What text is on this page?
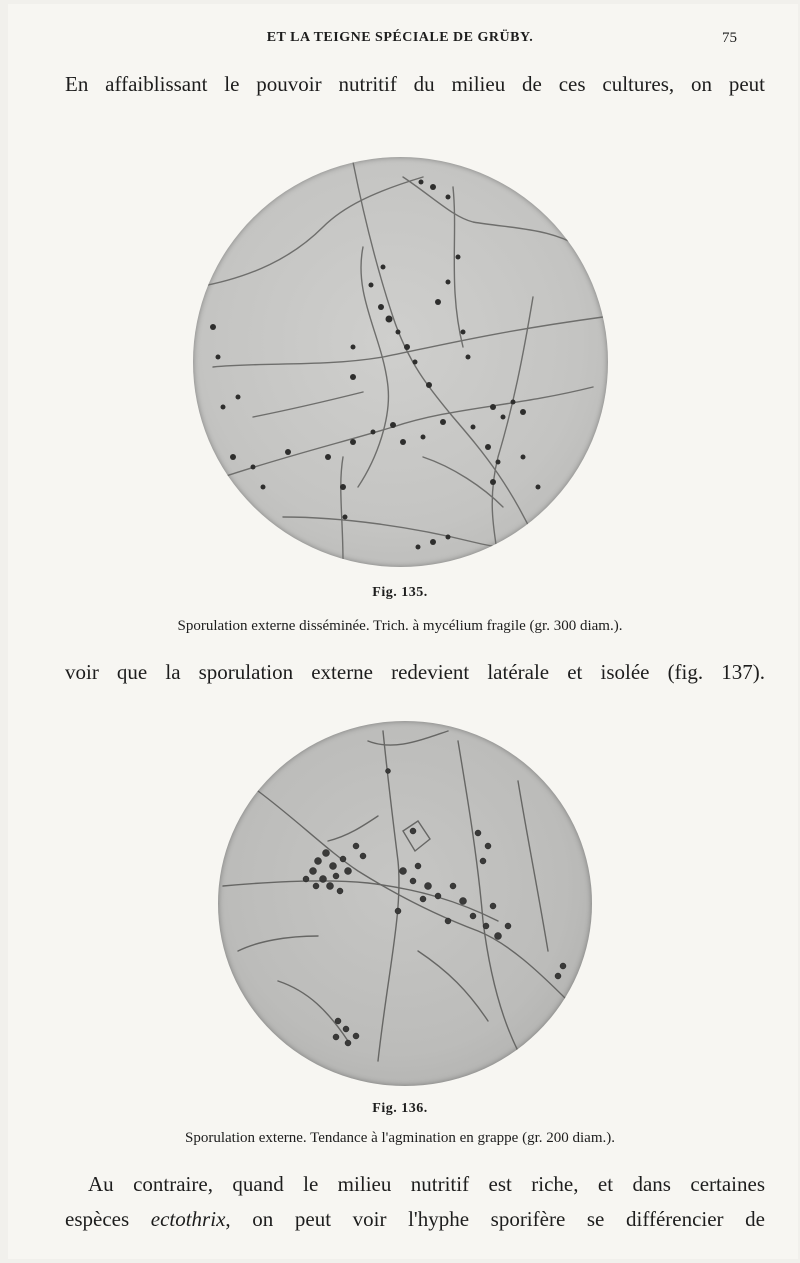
ET LA TEIGNE SPÉCIALE DE GRÜBY.	75
En affaiblissant le pouvoir nutritif du milieu de ces cultures, on peut
Fig. 135.
Sporulation externe disséminée. Trich. à mycélium fragile (gr. 300 diam.).
voir que la sporulation externe redevient latérale et isolée (fig. 137).
Fig. 136.
Sporulation externe. Tendance à l'agmination en grappe (gr. 200 diam.).
Au contraire, quand le milieu nutritif est riche, et dans certaines
espèces ectothrix, on peut voir l'hyphe sporifère se différencier de
